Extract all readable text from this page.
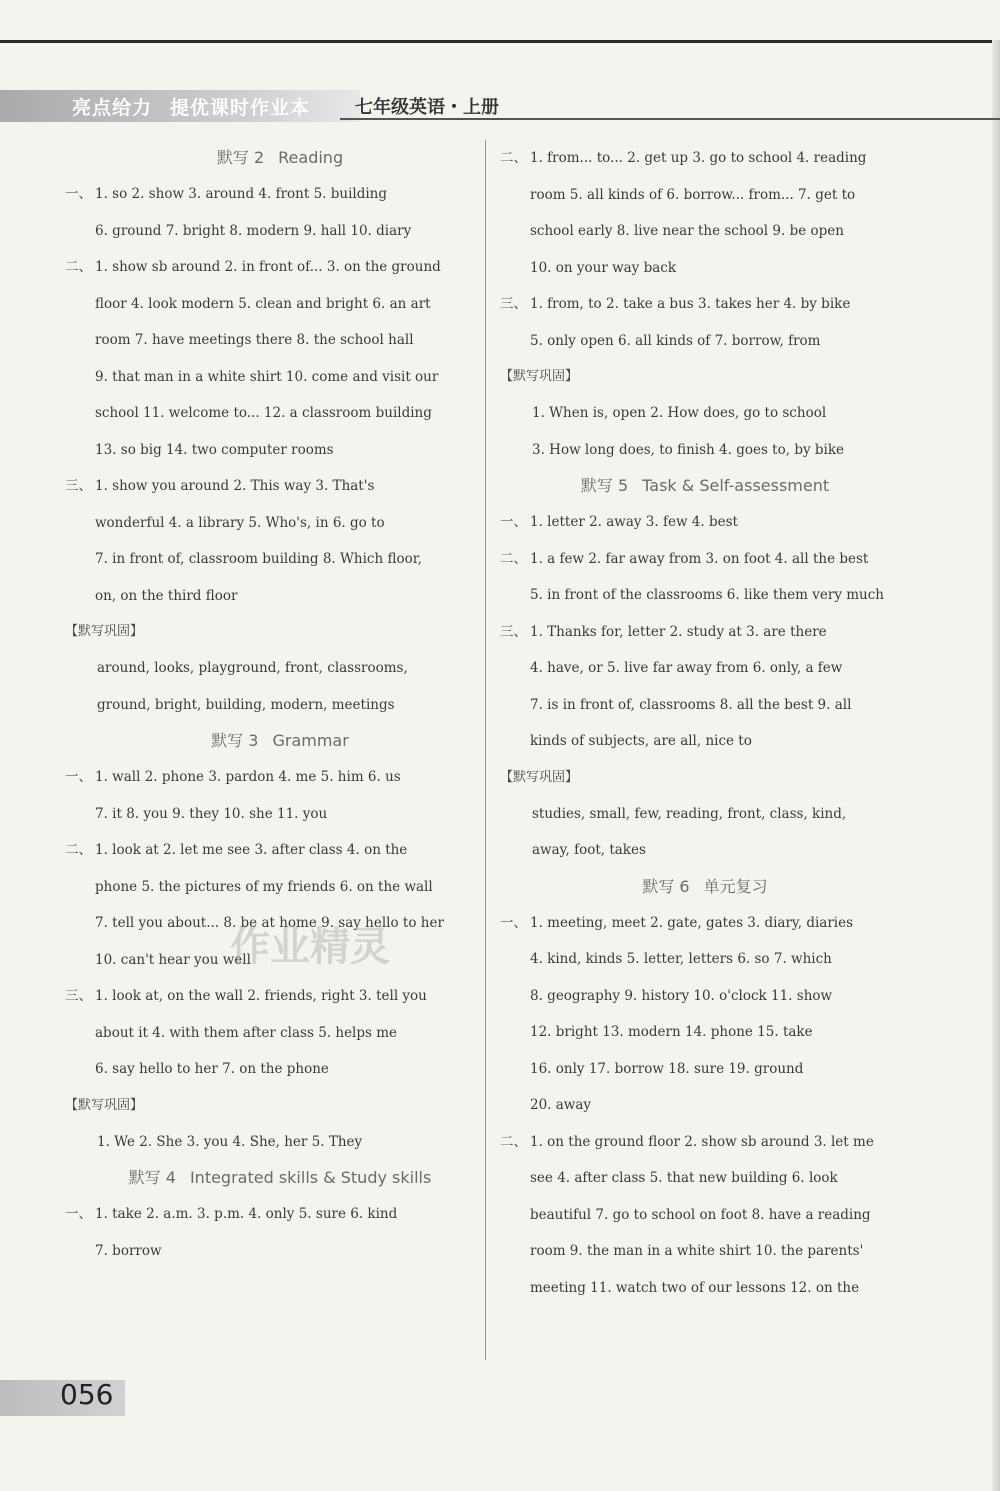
亮点给力 提优课时作业本	七年级英语・上册
默写 2 Reading
一、 1. so 2. show 3. around 4. front 5. building
6. ground 7. bright 8. modern 9. hall 10. diary
二、 1. show sb around 2. in front of... 3. on the ground
floor 4. look modern 5. clean and bright 6. an art
room 7. have meetings there 8. the school hall
9. that man in a white shirt 10. come and visit our
school 11. welcome to... 12. a classroom building
13. so big 14. two computer rooms
三、 1. show you around 2. This way 3. That's
wonderful 4. a library 5. Who's, in 6. go to
7. in front of, classroom building 8. Which floor,
on, on the third floor
【默写巩固】
around, looks, playground, front, classrooms,
ground, bright, building, modern, meetings
默写 3 Grammar
一、 1. wall 2. phone 3. pardon 4. me 5. him 6. us
7. it 8. you 9. they 10. she 11. you
二、 1. look at 2. let me see 3. after class 4. on the
phone 5. the pictures of my friends 6. on the wall
7. tell you about... 8. be at home 9. say hello to her
10. can't hear you well
三、 1. look at, on the wall 2. friends, right 3. tell you
about it 4. with them after class 5. helps me
6. say hello to her 7. on the phone
【默写巩固】
1. We 2. She 3. you 4. She, her 5. They
默写 4 Integrated skills & Study skills
一、 1. take 2. a.m. 3. p.m. 4. only 5. sure 6. kind
7. borrow
二、 1. from... to... 2. get up 3. go to school 4. reading
room 5. all kinds of 6. borrow... from... 7. get to
school early 8. live near the school 9. be open
10. on your way back
三、 1. from, to 2. take a bus 3. takes her 4. by bike
5. only open 6. all kinds of 7. borrow, from
【默写巩固】
1. When is, open 2. How does, go to school
3. How long does, to finish 4. goes to, by bike
默写 5 Task & Self-assessment
一、 1. letter 2. away 3. few 4. best
二、 1. a few 2. far away from 3. on foot 4. all the best
5. in front of the classrooms 6. like them very much
三、 1. Thanks for, letter 2. study at 3. are there
4. have, or 5. live far away from 6. only, a few
7. is in front of, classrooms 8. all the best 9. all
kinds of subjects, are all, nice to
【默写巩固】
studies, small, few, reading, front, class, kind,
away, foot, takes
默写 6 单元复习
一、 1. meeting, meet 2. gate, gates 3. diary, diaries
4. kind, kinds 5. letter, letters 6. so 7. which
8. geography 9. history 10. o'clock 11. show
12. bright 13. modern 14. phone 15. take
16. only 17. borrow 18. sure 19. ground
20. away
二、 1. on the ground floor 2. show sb around 3. let me
see 4. after class 5. that new building 6. look
beautiful 7. go to school on foot 8. have a reading
room 9. the man in a white shirt 10. the parents'
meeting 11. watch two of our lessons 12. on the
作业精灵
056
